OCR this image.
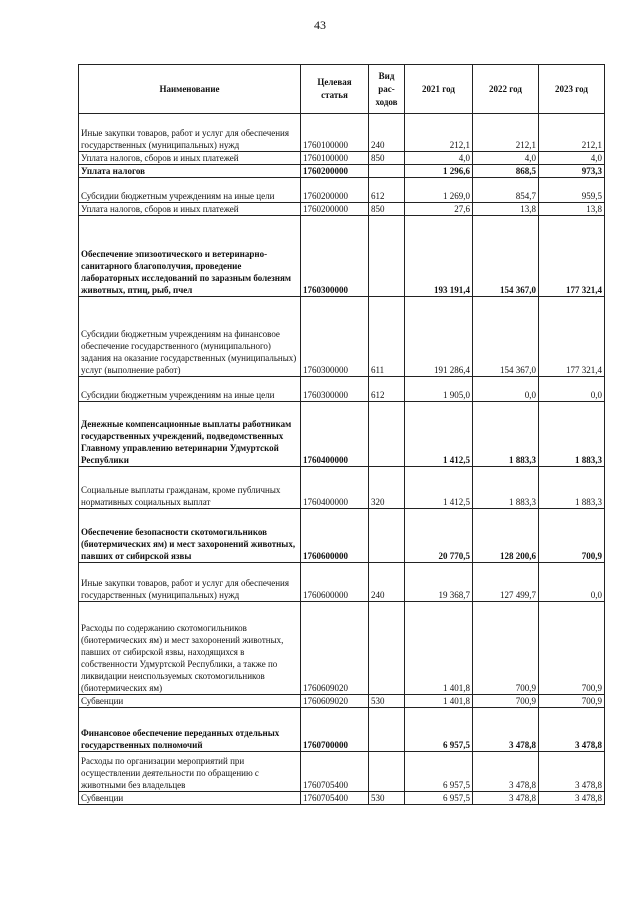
43
Наименование	Целевая статья	Вид рас-ходов	2021 год	2022 год	2023 год
Иные закупки товаров, работ и услуг для обеспечения государственных (муниципальных) нужд	1760100000	240	212,1	212,1	212,1
Уплата налогов, сборов и иных платежей	1760100000	850	4,0	4,0	4,0
Уплата налогов	1760200000		1 296,6	868,5	973,3
Субсидии бюджетным учреждениям на иные цели	1760200000	612	1 269,0	854,7	959,5
Уплата налогов, сборов и иных платежей	1760200000	850	27,6	13,8	13,8
Обеспечение эпизоотического и ветеринарно-санитарного благополучия, проведение лабораторных исследований по заразным болезням животных, птиц, рыб, пчел	1760300000		193 191,4	154 367,0	177 321,4
Субсидии бюджетным учреждениям на финансовое обеспечение государственного (муниципального) задания на оказание государственных (муниципальных) услуг (выполнение работ)	1760300000	611	191 286,4	154 367,0	177 321,4
Субсидии бюджетным учреждениям на иные цели	1760300000	612	1 905,0	0,0	0,0
Денежные компенсационные выплаты работникам государственных учреждений, подведомственных Главному управлению ветеринарии Удмуртской Республики	1760400000		1 412,5	1 883,3	1 883,3
Социальные выплаты гражданам, кроме публичных нормативных социальных выплат	1760400000	320	1 412,5	1 883,3	1 883,3
Обеспечение безопасности скотомогильников (биотермических ям) и мест захоронений животных, павших от сибирской язвы	1760600000		20 770,5	128 200,6	700,9
Иные закупки товаров, работ и услуг для обеспечения государственных (муниципальных) нужд	1760600000	240	19 368,7	127 499,7	0,0
Расходы по содержанию скотомогильников (биотермических ям) и мест захоронений животных, павших от сибирской язвы, находящихся в собственности Удмуртской Республики, а также по ликвидации неиспользуемых скотомогильников (биотермических ям)	1760609020		1 401,8	700,9	700,9
Субвенции	1760609020	530	1 401,8	700,9	700,9
Финансовое обеспечение переданных отдельных государственных полномочий	1760700000		6 957,5	3 478,8	3 478,8
Расходы по организации мероприятий при осуществлении деятельности по обращению с животными без владельцев	1760705400		6 957,5	3 478,8	3 478,8
Субвенции	1760705400	530	6 957,5	3 478,8	3 478,8
